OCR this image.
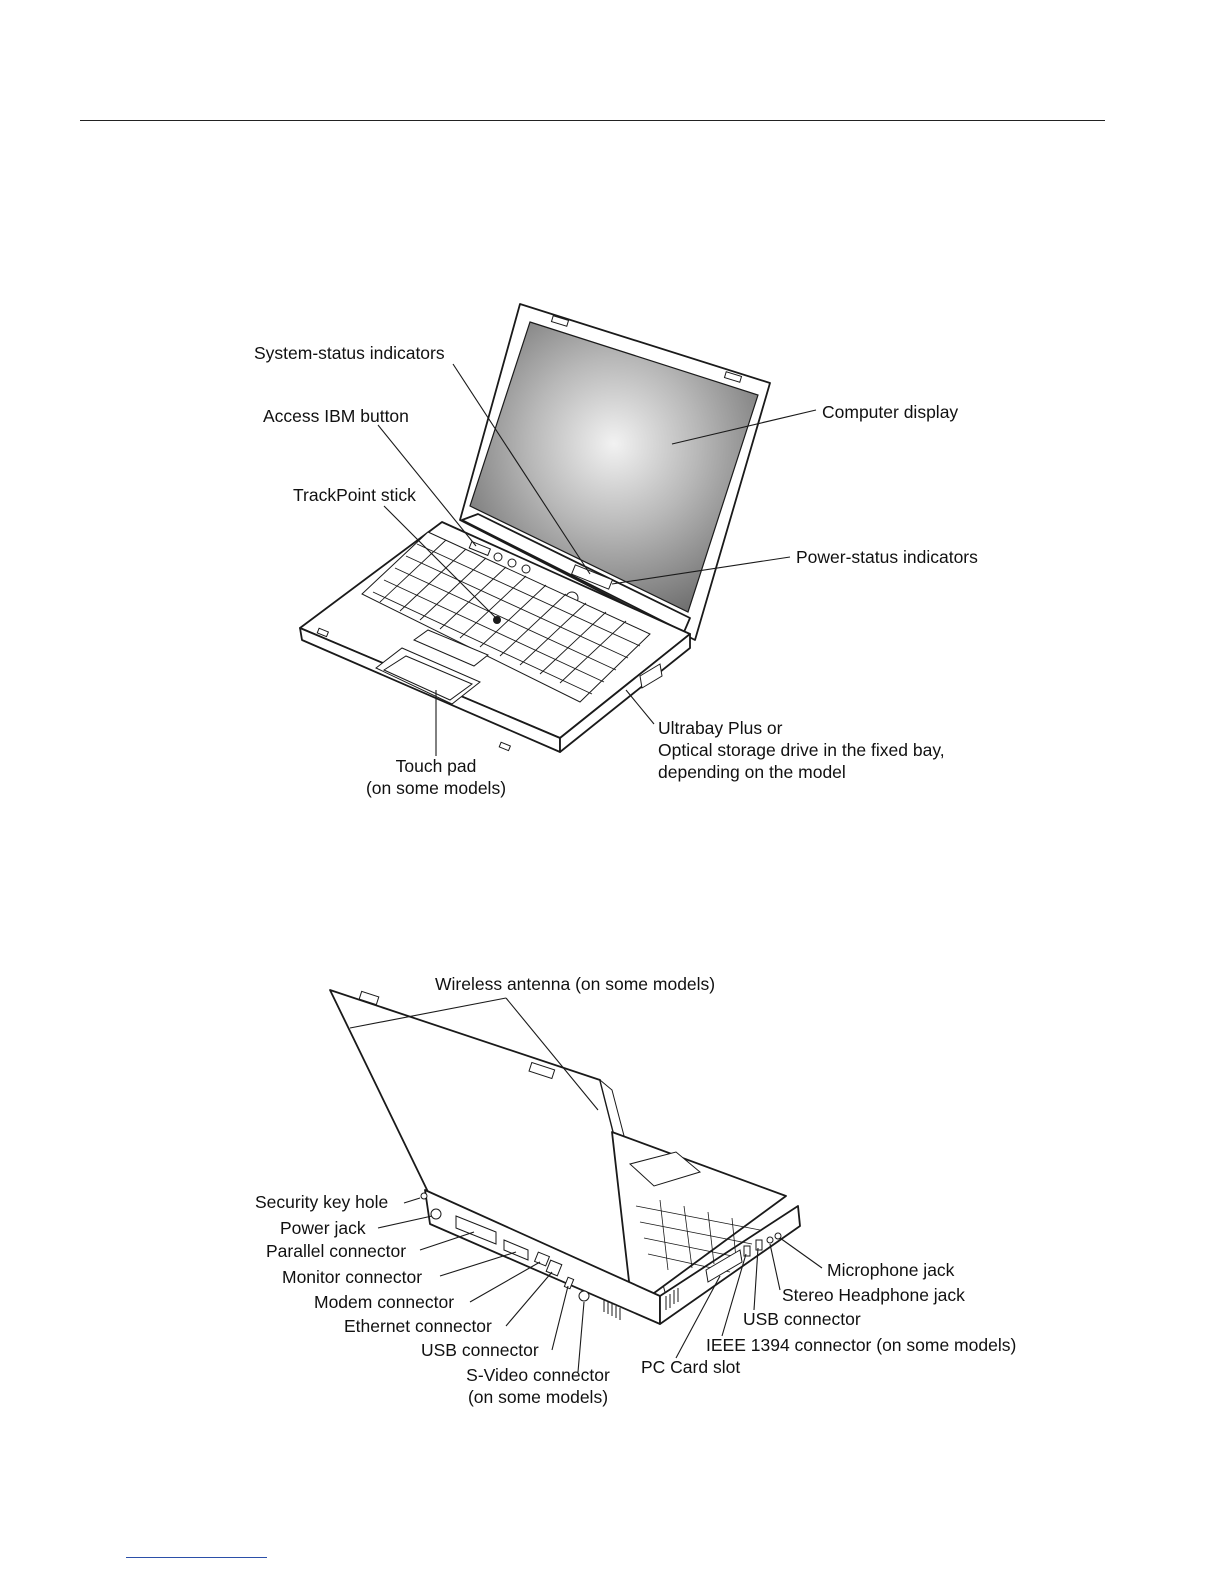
System-status indicators
Access IBM button
TrackPoint stick
Computer display
Power-status indicators
Ultrabay Plus or
Optical storage drive in the fixed bay,
depending on the model
Touch pad
(on some models)
Wireless antenna (on some models)
Security key hole
Power jack
Parallel connector
Monitor connector
Modem connector
Ethernet connector
USB connector
S-Video connector
(on some models)
PC Card slot
Microphone jack
Stereo Headphone jack
USB connector
IEEE 1394 connector (on some models)
